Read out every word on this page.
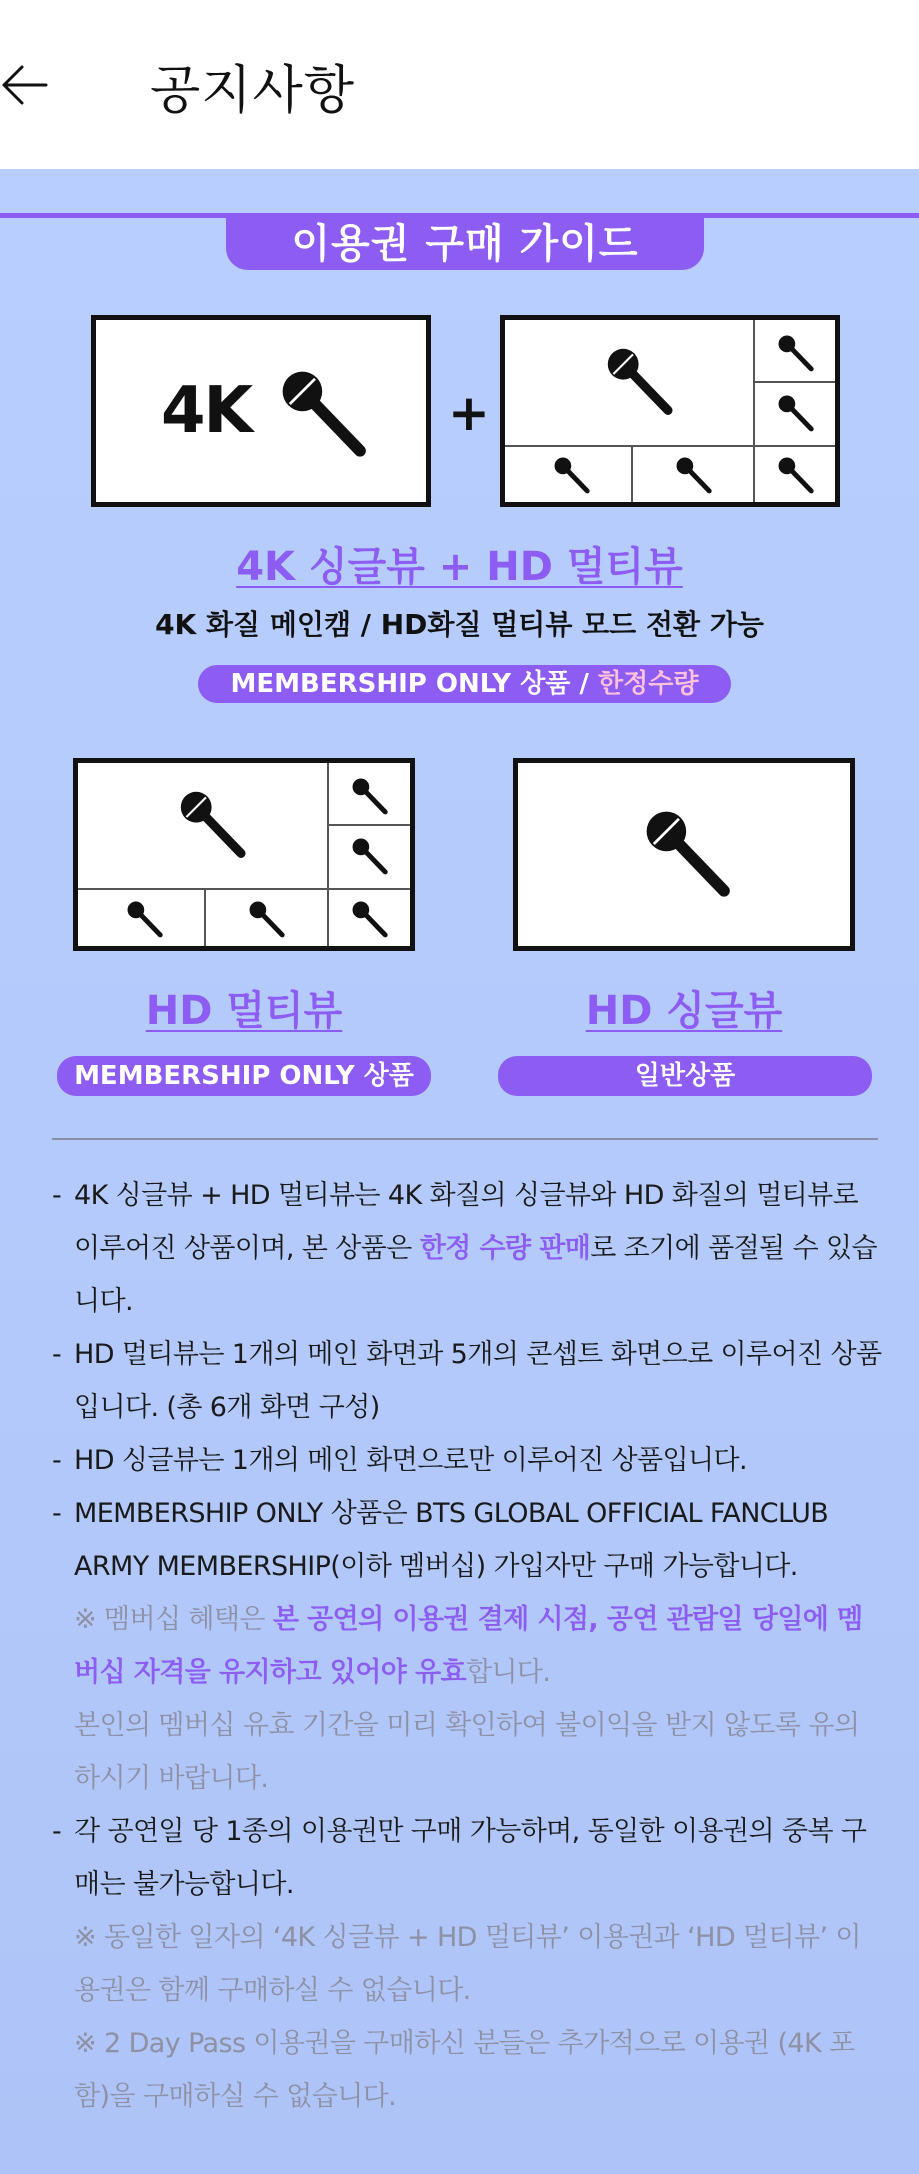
공지사항
이용권 구매 가이드
4K	+
4K 싱글뷰 + HD 멀티뷰
4K 화질 메인캠 / HD화질 멀티뷰 모드 전환 가능
MEMBERSHIP ONLY 상품 / 한정수량
HD 멀티뷰	HD 싱글뷰
MEMBERSHIP ONLY 상품	일반상품
- 4K 싱글뷰 + HD 멀티뷰는 4K 화질의 싱글뷰와 HD 화질의 멀티뷰로 이루어진 상품이며, 본 상품은 한정 수량 판매로 조기에 품절될 수 있습니다.
- HD 멀티뷰는 1개의 메인 화면과 5개의 콘셉트 화면으로 이루어진 상품입니다. (총 6개 화면 구성)
- HD 싱글뷰는 1개의 메인 화면으로만 이루어진 상품입니다.
- MEMBERSHIP ONLY 상품은 BTS GLOBAL OFFICIAL FANCLUB ARMY MEMBERSHIP(이하 멤버십) 가입자만 구매 가능합니다.
※ 멤버십 혜택은 본 공연의 이용권 결제 시점, 공연 관람일 당일에 멤버십 자격을 유지하고 있어야 유효합니다.
본인의 멤버십 유효 기간을 미리 확인하여 불이익을 받지 않도록 유의하시기 바랍니다.
- 각 공연일 당 1종의 이용권만 구매 가능하며, 동일한 이용권의 중복 구매는 불가능합니다.
※ 동일한 일자의 ‘4K 싱글뷰 + HD 멀티뷰’ 이용권과 ‘HD 멀티뷰’ 이용권은 함께 구매하실 수 없습니다.
※ 2 Day Pass 이용권을 구매하신 분들은 추가적으로 이용권 (4K 포함)을 구매하실 수 없습니다.
